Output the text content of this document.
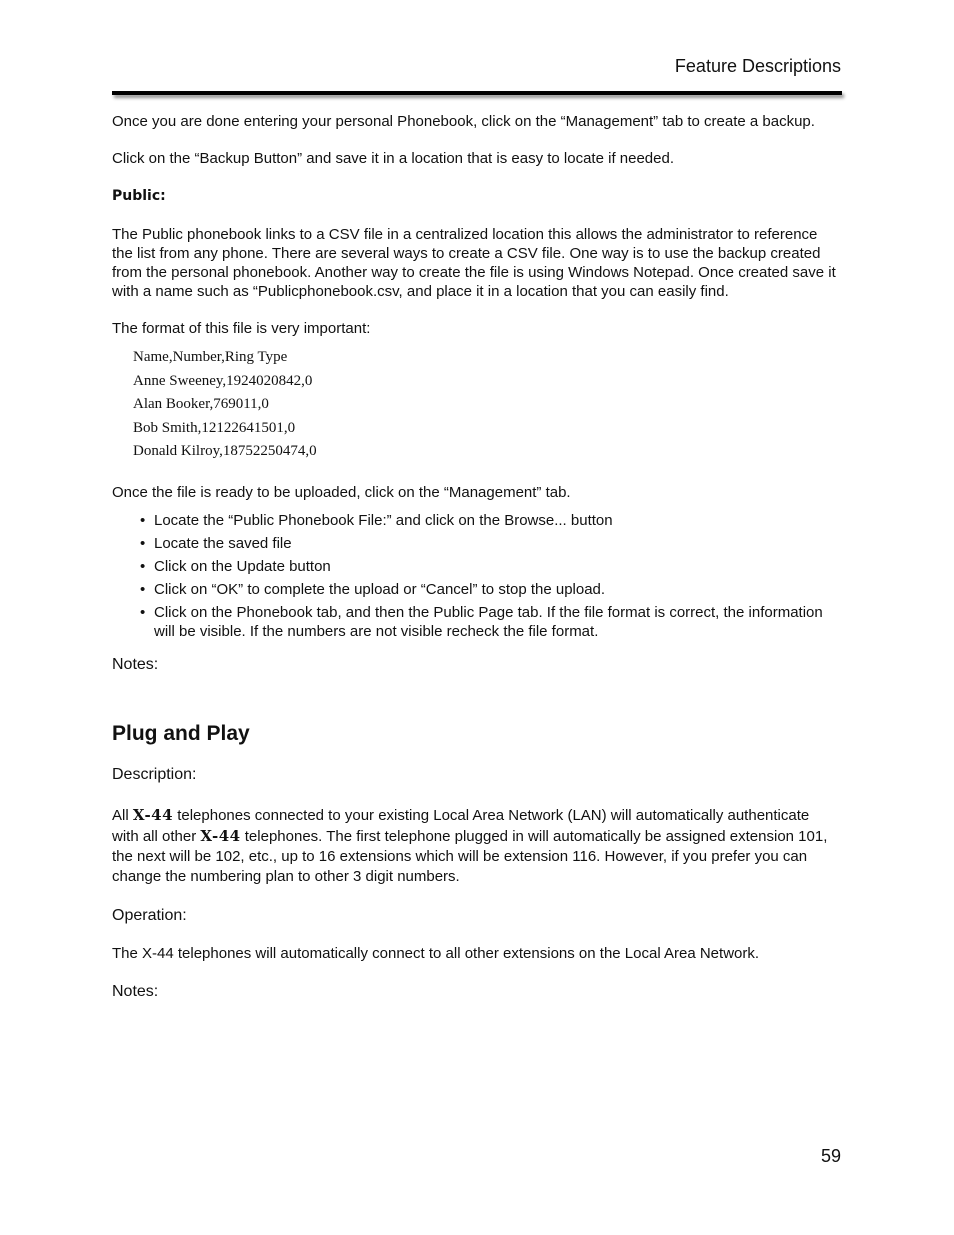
Feature Descriptions

Once you are done entering your personal Phonebook, click on the “Management” tab to create a backup.

Click on the “Backup Button” and save it in a location that is easy to locate if needed.

Public:

The Public phonebook links to a CSV file in a centralized location this allows the administrator to reference the list from any phone. There are several ways to create a CSV file. One way is to use the backup created from the personal phonebook. Another way to create the file is using Windows Notepad. Once created save it with a name such as “Publicphonebook.csv, and place it in a location that you can easily find.

The format of this file is very important:

Name,Number,Ring Type
Anne Sweeney,1924020842,0
Alan Booker,769011,0
Bob Smith,12122641501,0
Donald Kilroy,18752250474,0

Once the file is ready to be uploaded, click on the “Management” tab.

• Locate the “Public Phonebook File:” and click on the Browse... button
• Locate the saved file
• Click on the Update button
• Click on “OK” to complete the upload or “Cancel” to stop the upload.
• Click on the Phonebook tab, and then the Public Page tab. If the file format is correct, the information will be visible. If the numbers are not visible recheck the file format.

Notes:

Plug and Play

Description:

All X-44 telephones connected to your existing Local Area Network (LAN) will automatically authenticate with all other X-44 telephones. The first telephone plugged in will automatically be assigned extension 101, the next will be 102, etc., up to 16 extensions which will be extension 116. However, if you prefer you can change the numbering plan to other 3 digit numbers.

Operation:

The X-44 telephones will automatically connect to all other extensions on the Local Area Network.

Notes:

59
